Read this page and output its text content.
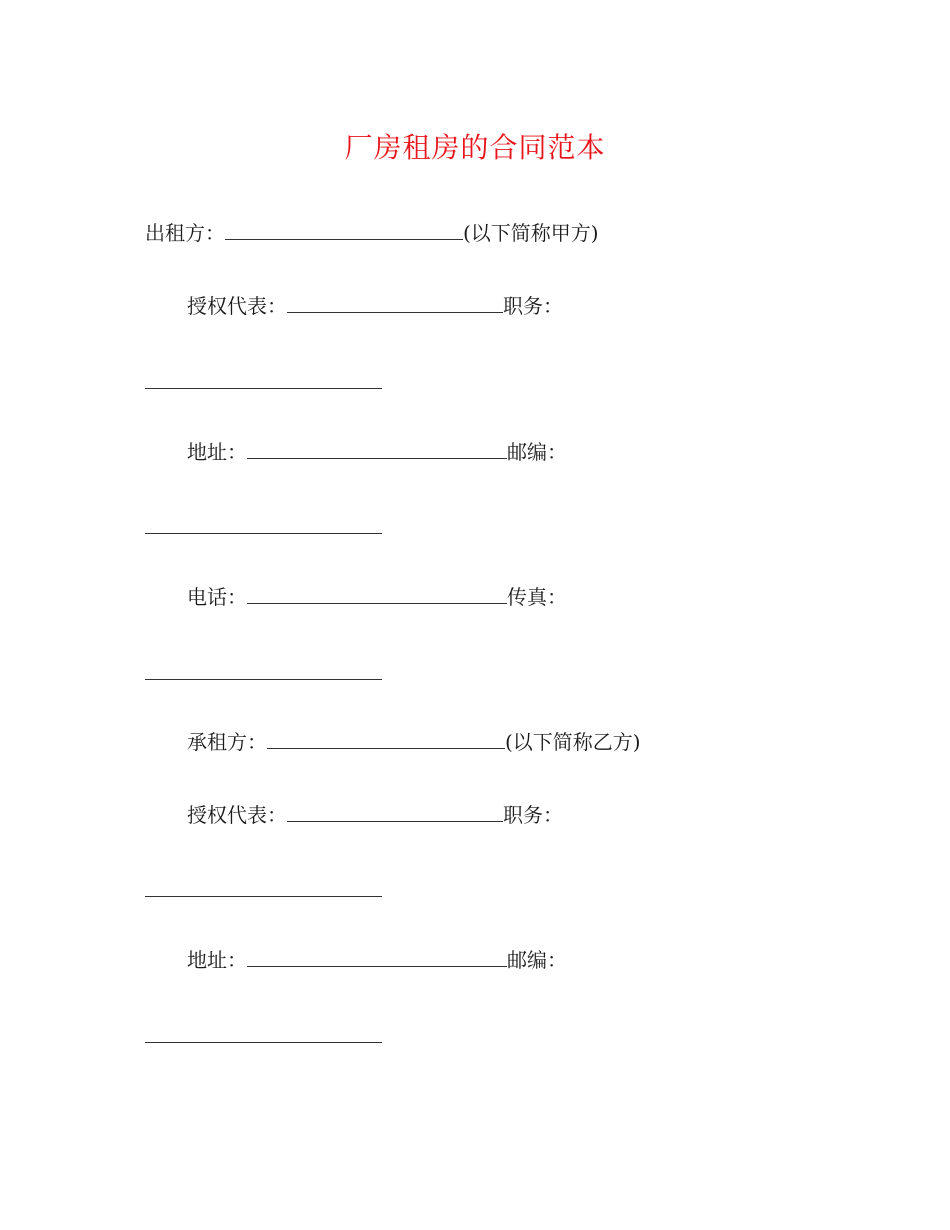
厂房租房的合同范本
出租方：	(以下简称甲方)
授权代表：	职务：
地址：	邮编：
电话：	传真：
承租方：	(以下简称乙方)
授权代表：	职务：
地址：	邮编：
